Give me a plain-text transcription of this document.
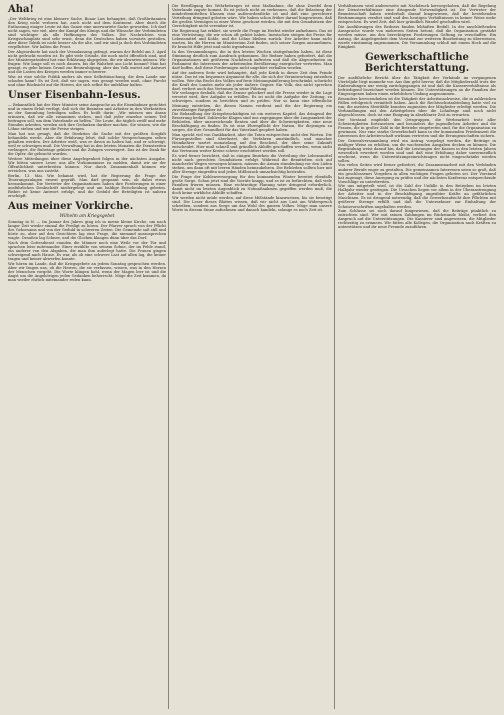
Aha!

„Der Weltkrieg ist eine kleinere Sache, Bonar Law behauptet, daß Großbritannien den Krieg nicht verloren hat, auch nicht auf dem Kontinent. Aber durch die Entlassung einiger Leute ist das Ganze eine unerwartete Sache geworden. Ich darf nicht sagen, wie viel, aber der Kampf des Königs und die Wünsche der Verbündeten sind wichtiger als alle Hoffnungen des Volkes. Die Nachrichten vom Kriegsschauplatz sind sehr ernst, denn die Deutschen haben vorwärts gestoßen, aber diese Taktik ist nicht besser als die alte, und wir sind ja doch den Verbündeten verpflichtet. Wir halten die Front.

Der Abgeordnete hat nach der Veranlassung gefragt, warum der Befehl am 3. April nicht gedruckt worden ist. Es gibt viele Gründe, die noch nicht öffentlich sind, und der Ministerpräsident hat eine Erklärung abgegeben, die wir abwarten müssen. Wir fragen: Wie lange soll es noch dauern, bis die Wahrheit ans Licht kommt? Man hat gesagt, es gebe keinen Grund zur Beunruhigung, aber das Volk wartet auf Antwort und die Lasten des Krieges werden immer schwerer.

Was ist eine solche Politik anders als eine Selbsttäuschung, die dem Lande nur schaden kann? Es ist Zeit, daß wir sagen, was gesagt werden muß, ohne Furcht und ohne Rücksicht auf die Herren, die sich selbst für unfehlbar halten.

Unser Eisenbahn-Iesus.

— Bekanntlich hat der Herr Minister seine Ansprache an die Eisenbahner gerichtet und in einem Erlaß verfügt, daß sich die Beamten und Arbeiter in den Werkstätten an der Sammlung beteiligen sollen. Es heißt darin: „Wir müssen uns daran erinnern, daß wir alle zusammen stehen, und daß jeder einzelne seinen Teil beitragen soll, um dem Vaterlande zu helfen.“ Die Leute, die täglich zwölf und mehr Stunden arbeiten, werden sich ihre Gedanken darüber machen. Sie wissen, wie die Löhne stehen und wie die Preise steigen.

Man hat uns gesagt, daß die Direktion die Sache mit der größten Sorgfalt behandeln werde. Aber die Erfahrung lehrt, daß solche Versprechungen selten gehalten werden. Der Arbeiter weiß, was er davon zu halten hat, und er schweigt, weil er schweigen muß. Die Verwaltung hat in den letzten Monaten die Dienstzeiten verlängert, die Ruhetage gekürzt und die Zulagen verweigert. Das ist der Dank für die Opfer, die gebracht wurden.

Weitere Mitteilungen über diese Angelegenheit folgen in der nächsten Ausgabe. Wir bitten unsere Leser, uns alle Vorkommnisse zu melden, damit wir sie der Öffentlichkeit unterbreiten können. Nur durch Zusammenhalt können wir erreichen, was uns zusteht.

Berlin, 13. Mai. Wie bekannt wird, hat die Regierung die Frage der Teuerungszulagen erneut geprüft. Man darf gespannt sein, ob dabei etwas herauskommt. Die Vertreter der Organisationen haben ihre Forderungen in einer ausführlichen Denkschrift niedergelegt und um baldige Entscheidung gebeten. Bisher ist keine Antwort erfolgt, und die Geduld der Beteiligten ist nahezu erschöpft.

Aus meiner Vorkirche.
Wilhelm am Kriegsgebet

Sonntag in N. — Im Januar des Jahres ging ich in meine kleine Kirche, um nach langer Zeit wieder einmal die Predigt zu hören. Der Pfarrer sprach von der Pflicht des Gehorsams und von der Geduld in schweren Zeiten. Die Gemeinde saß still und hörte zu, aber auf den Gesichtern lag eine Frage, die niemand auszusprechen wagte. Draußen lag Schnee, und die Glocken klangen dünn über das Dorf.

Nach dem Gottesdienst standen die Männer noch eine Weile vor der Tür und sprachen leise miteinander. Einer erzählte von seinem Sohne, der im Felde stand, ein anderer von den Abgaben, die man ihm auferlegt hatte. Die Frauen gingen schweigend nach Hause. Es war, als ob eine schwere Last auf allen lag, die keiner tragen und keiner abwerfen konnte.

Wir hören im Lande, daß die Kriegsgebete an jedem Sonntag gesprochen werden. Aber wir fragen uns, ob die Herren, die sie verfassen, wissen, was in den Herzen der Menschen vorgeht. Die Worte klingen hohl, wenn der Magen leer ist und die Angst um die Angehörigen jeden Gedanken beherrscht. Möge die Zeit kommen, da man wieder ehrlich miteinander reden kann.

Die Bewilligung des Wehrbeitrages ist eine Maßnahme, die ohne Zweifel dem Vaterlande zugute kommt. Es ist jedoch nicht zu verkennen, daß die Belastung der minderbemittelten Klassen eine außerordentliche ist und daß eine gerechtere Verteilung dringend geboten wäre. Wir haben schon früher darauf hingewiesen, daß die großen Vermögen in einer Weise geschont werden, die mit den Grundsätzen der Gerechtigkeit nicht vereinbar ist.

Die Regierung hat erklärt, sie werde die Frage im Herbst wieder aufnehmen. Das ist eine Vertröstung, die wir schon oft gehört haben. Inzwischen steigen die Preise für Lebensmittel und Kohle, und die Löhne bleiben zurück. Der Arbeiter kann nicht warten, bis die Herren im Ministerium Zeit finden, sich seiner Sorgen anzunehmen. Er braucht Hilfe jetzt und nicht irgendwann.

In den Versammlungen, die in den letzten Wochen stattgefunden haben, ist diese Stimmung deutlich zum Ausdruck gekommen. Die Redner haben gefordert, daß die Organisationen mit größerem Nachdruck auftreten und daß die Abgeordneten im Parlament die Interessen der arbeitenden Bevölkerung energischer vertreten. Man darf hoffen, daß diese Forderungen nicht ungehört verhallen werden.

Auf der anderen Seite wird behauptet, daß jede Kritik in dieser Zeit dem Feinde nütze. Das ist ein bequemes Argument für alle, die sich der Verantwortung entziehen wollen. Wer das Recht des Volkes auf freie Meinungsäußerung beschränkt, schwächt die Kraft des Landes mehr als jeder äußere Gegner. Ein Volk, das nicht sprechen darf, verliert auch das Vertrauen in seine Führung.

Wir verlangen deshalb, daß die Zensur gelockert und die Presse wieder in die Lage versetzt wird, ihre Aufgabe zu erfüllen. Es ist nicht die Aufgabe der Zeitung, zu schweigen, sondern zu berichten und zu prüfen. Nur so kann eine öffentliche Meinung entstehen, die diesen Namen verdient und die der Regierung ein zuverlässiger Ratgeber ist.

Die Behandlung der Kriegsbeschädigten ist ein weiteres Kapitel, das dringend der Besserung bedarf. Zahlreiche Klagen sind uns zugegangen über die Langsamkeit der Behörden, über unzureichende Renten und über die Schwierigkeiten, eine neue Beschäftigung zu finden. Es ist eine Ehrenpflicht der Nation, für diejenigen zu sorgen, die ihre Gesundheit für das Vaterland geopfert haben.

Man spricht viel von Dankbarkeit, aber die Taten entsprechen nicht den Worten. Die Fürsorgestellen sind überlastet, die Verfahren umständlich, und mancher Heimkehrer wartet monatelang auf den Bescheid, der über seine Zukunft entscheidet. Hier muß schnell und gründlich Abhilfe geschaffen werden, wenn nicht das Vertrauen weiter Kreise schwer erschüttert werden soll.

Es wird ferner berichtet, daß in einigen Bezirken die Verteilung der Lebensmittel nicht nach gerechten Grundsätzen erfolgt. Während die Bemittelten sich auf mancherlei Wegen versorgen können, müssen die Armen stundenlang vor den Läden stehen, um dann oft mit leeren Händen heimzukehren. Die Behörden sollten hier mit aller Strenge eingreifen und jeden Mißbrauch unnachsichtig bestrafen.

Die Frage der Kohlenversorgung für den kommenden Winter bereitet ebenfalls große Sorge. Schon jetzt sind die Vorräte knapp, und es ist zu befürchten, daß viele Familien frieren müssen. Eine rechtzeitige Planung wäre dringend erforderlich, damit nicht im letzten Augenblick zu Notmaßnahmen gegriffen werden muß, die doch keine wirkliche Abhilfe schaffen.

Wir werden nicht müde werden, auf diese Mißstände hinzuweisen, bis sie beseitigt sind. Die Leser dieses Blattes wissen, daß wir nicht aus Lust am Widerspruch schreiben, sondern aus Sorge um das Wohl des ganzen Volkes. Möge man unsere Worte in diesem Sinne aufnehmen und danach handeln, solange es noch Zeit ist.

Verhältnissen wird andererseits mit Nachdruck hervorgehoben, daß die Regelung der Dienstverhältnisse eine dringende Notwendigkeit ist. Die Vertreter der Beamtenschaft haben wiederholt darauf hingewiesen, daß die bestehenden Bestimmungen veraltet sind und den heutigen Verhältnissen in keiner Weise mehr entsprechen. Es wird Zeit, daß hier gründlich Wandel geschaffen wird.

Die Ausführungen des Redners fanden lebhaften Beifall. In der anschließenden Aussprache wurde von mehreren Seiten betont, daß die Organisation gestärkt werden müsse, um den berechtigten Forderungen Geltung zu verschaffen. Ein Antrag, die Angelegenheit dem Vorstand zur weiteren Bearbeitung zu überweisen, wurde einstimmig angenommen. Die Versammlung schloß mit einem Hoch auf die Einigkeit.

Gewerkschaftliche Berichterstattung.

Der ausführliche Bericht über die Tätigkeit der Verbände im vergangenen Vierteljahr liegt nunmehr vor. Aus ihm geht hervor, daß die Mitgliederzahl trotz der Einberufungen nur wenig zurückgegangen ist und daß die Kassenverhältnisse als befriedigend bezeichnet werden können. Die Unterstützungen an die Familien der Eingezogenen haben einen erheblichen Umfang angenommen.

Besonders hervorzuheben ist die Tätigkeit der Arbeitsnachweise, die in zahlreichen Fällen erfolgreich vermittelt haben. Auch die Rechtsschutzabteilung hatte viel zu tun; die meisten Streitfälle konnten zugunsten der Mitglieder erledigt werden. Die Verhandlungen mit den Arbeitgebern über die Lohnfrage sind noch nicht abgeschlossen, doch ist eine Einigung in absehbarer Zeit zu erwarten.

Der Vorstand empfiehlt den Ortsgruppen, die Werbearbeit trotz aller Schwierigkeiten fortzusetzen und besonders die jugendlichen Arbeiter und die Frauen, die in großer Zahl in die Betriebe eingetreten sind, für die Organisation zu gewinnen. Nur eine starke Gewerkschaft kann in der kommenden Friedenszeit die Interessen der Arbeiterschaft wirksam vertreten und die Errungenschaften sichern.

Der Generalversammlung wird ein Antrag vorgelegt werden, die Beiträge in mäßiger Weise zu erhöhen, um die wachsenden Ausgaben decken zu können. Die Begründung weist darauf hin, daß die Leistungen der Kassen in den letzten Jahren wesentlich erweitert worden sind und daß eine Erhöhung daher unvermeidlich erscheint, wenn die Unterstützungseinrichtungen nicht eingeschränkt werden sollen.

Von vielen Seiten wird ferner gefordert, die Zusammenarbeit mit den Verbänden anderer Berufe enger zu gestalten. Die gemeinsamen Interessen seien so groß, daß ein geschlossenes Vorgehen in allen wichtigen Fragen geboten sei. Der Vorstand hat zugesagt, diese Anregung zu prüfen und der nächsten Konferenz entsprechende Vorschläge zu unterbreiten.

Wie uns mitgeteilt wird, ist die Zahl der Unfälle in den Betrieben im letzten Halbjahr wieder gestiegen. Die Ursachen liegen vor allem in der Überanstrengung der Arbeiter und in der Beschäftigung ungeübter Kräfte an gefährlichen Maschinen. Es ist dringend notwendig, daß die Gewerbeaufsicht ihre Pflichten mit größerer Strenge erfüllt und daß die Unternehmer zur Einhaltung der Schutzvorschriften angehalten werden.

Zum Schlusse sei noch darauf hingewiesen, daß die Beiträge pünktlich zu entrichten sind. Wer mit seinen Zahlungen im Rückstande bleibt, verliert den Anspruch auf die Unterstützungen. Die Kassierer sind angewiesen, die Mitglieder rechtzeitig zu erinnern. Wir bitten alle Kollegen, die Organisation nach Kräften zu unterstützen und ihr neue Freunde zuzuführen.
